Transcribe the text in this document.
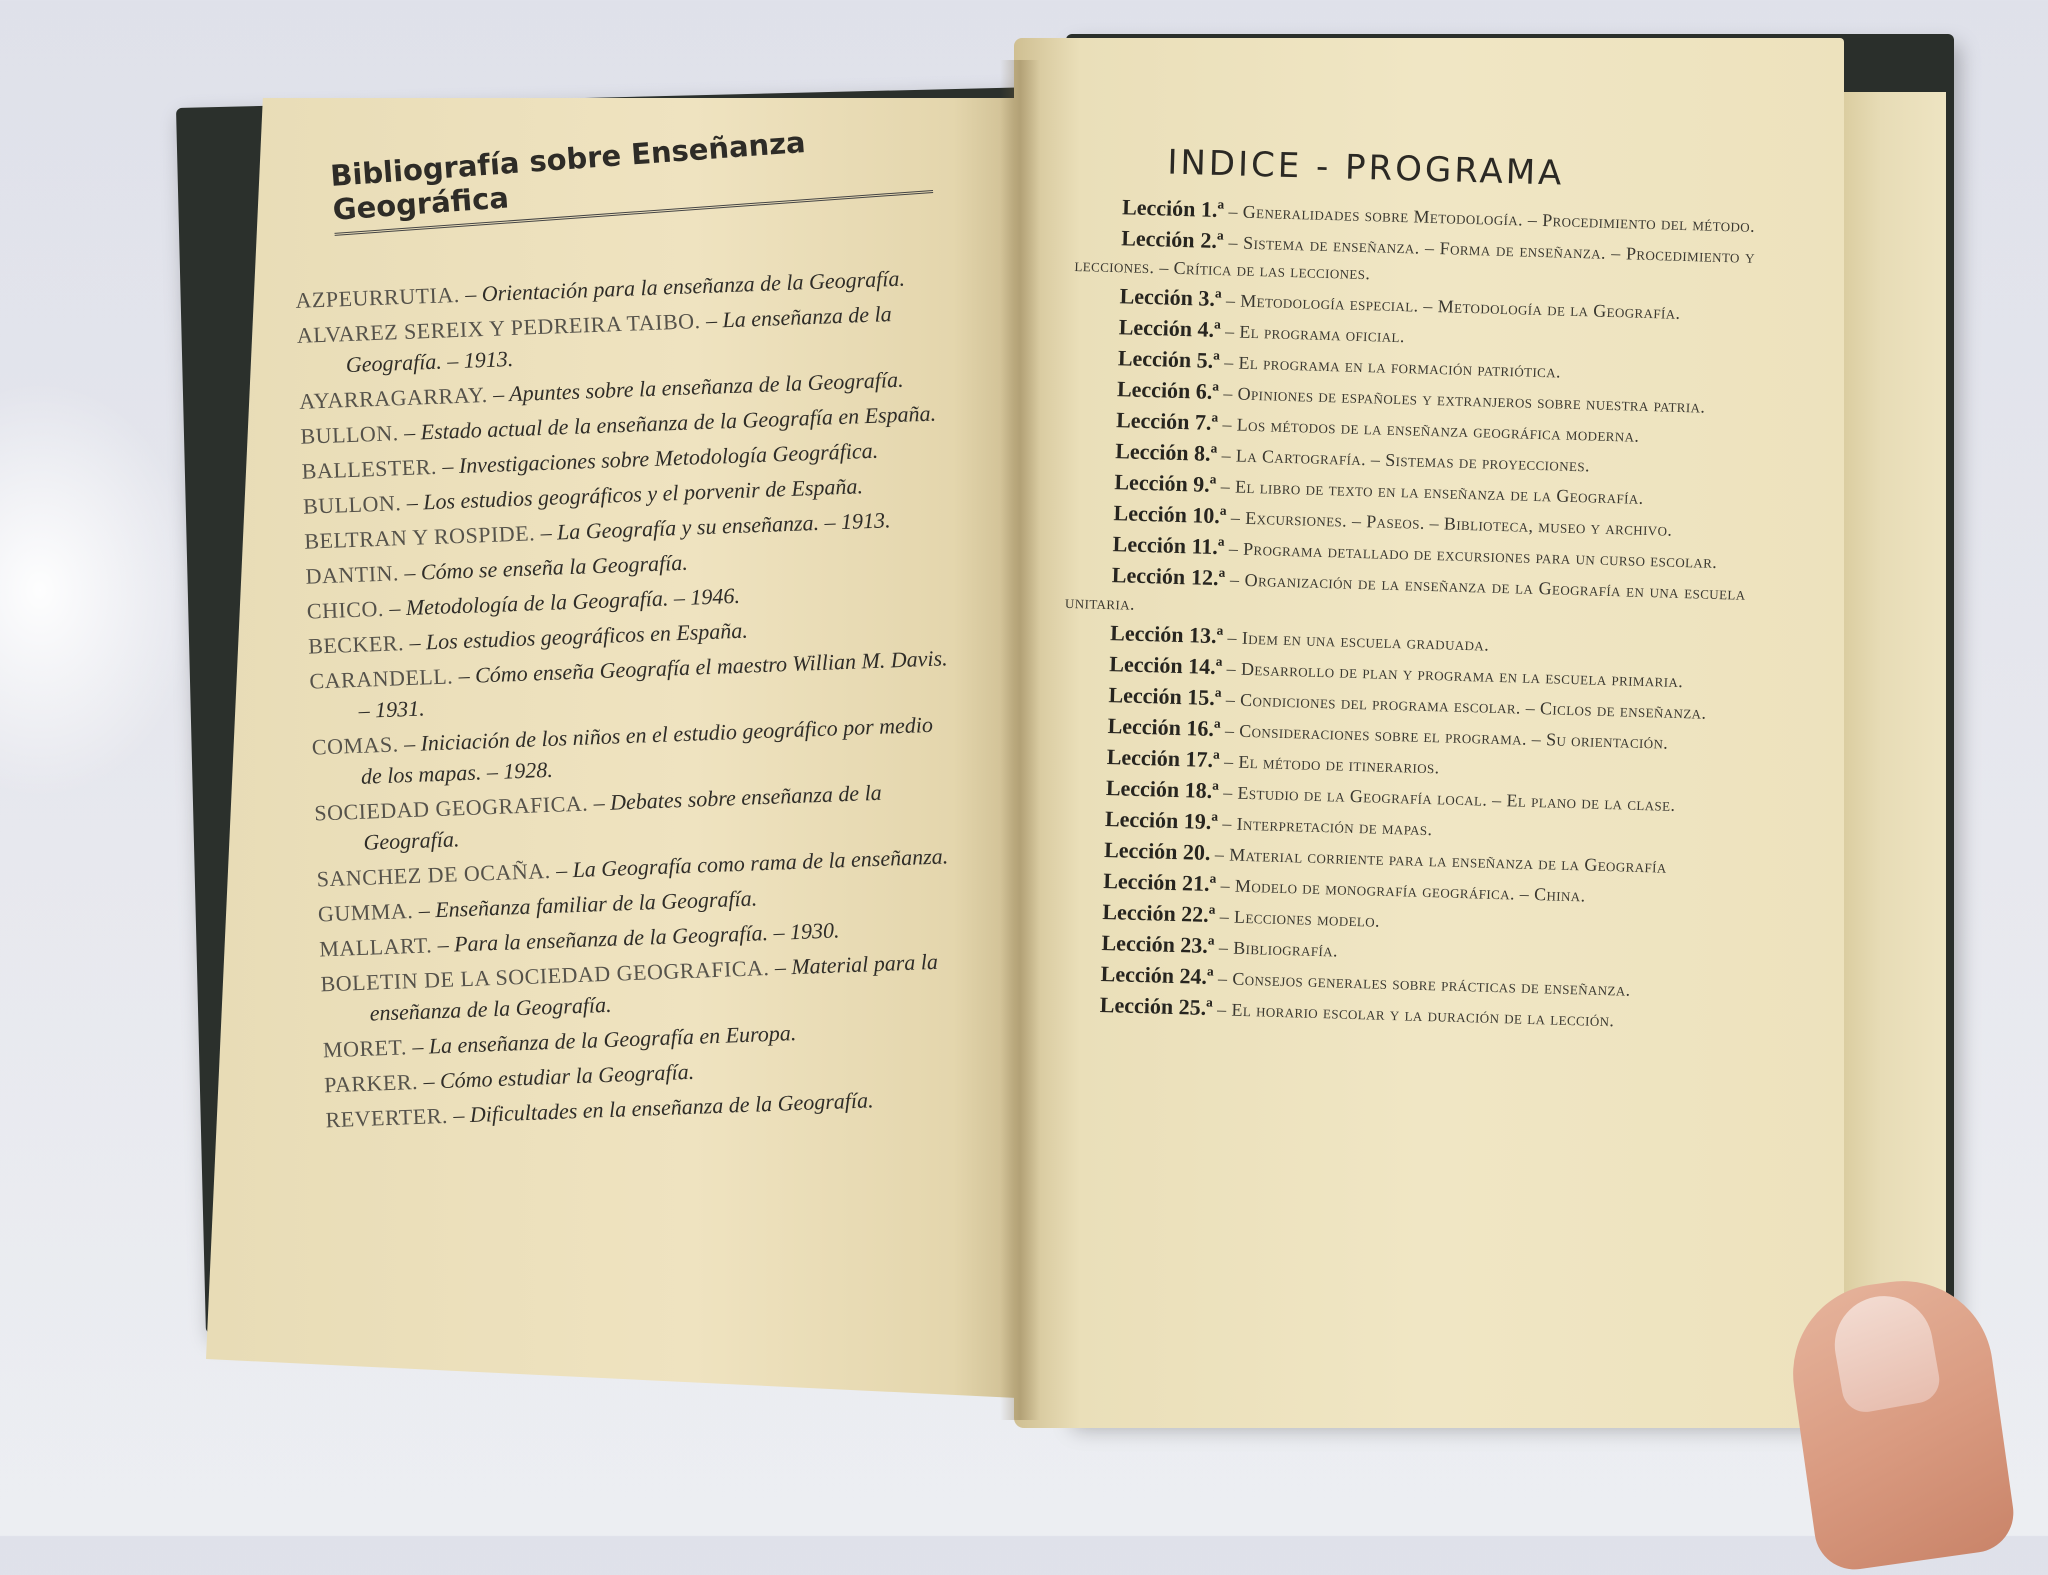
Bibliografía sobre Enseñanza Geográfica
AZPEURRUTIA. – Orientación para la enseñanza de la Geografía.
ALVAREZ SEREIX Y PEDREIRA TAIBO. – La enseñanza de la Geografía. – 1913.
AYARRAGARRAY. – Apuntes sobre la enseñanza de la Geografía.
BULLON. – Estado actual de la enseñanza de la Geografía en España.
BALLESTER. – Investigaciones sobre Metodología Geográfica.
BULLON. – Los estudios geográficos y el porvenir de España.
BELTRAN Y ROSPIDE. – La Geografía y su enseñanza. – 1913.
DANTIN. – Cómo se enseña la Geografía.
CHICO. – Metodología de la Geografía. – 1946.
BECKER. – Los estudios geográficos en España.
CARANDELL. – Cómo enseña Geografía el maestro Willian M. Davis. – 1931.
COMAS. – Iniciación de los niños en el estudio geográfico por medio de los mapas. – 1928.
SOCIEDAD GEOGRAFICA. – Debates sobre enseñanza de la Geografía.
SANCHEZ DE OCAÑA. – La Geografía como rama de la enseñanza.
GUMMA. – Enseñanza familiar de la Geografía.
MALLART. – Para la enseñanza de la Geografía. – 1930.
BOLETIN DE LA SOCIEDAD GEOGRAFICA. – Material para la enseñanza de la Geografía.
MORET. – La enseñanza de la Geografía en Europa.
PARKER. – Cómo estudiar la Geografía.
REVERTER. – Dificultades en la enseñanza de la Geografía.
INDICE - PROGRAMA
Lección 1.ª – Generalidades sobre Metodología. – Procedimiento del método.
Lección 2.ª – Sistema de enseñanza. – Forma de enseñanza. – Procedimiento y lecciones. – Crítica de las lecciones.
Lección 3.ª – Metodología especial. – Metodología de la Geografía.
Lección 4.ª – El programa oficial.
Lección 5.ª – El programa en la formación patriótica.
Lección 6.ª – Opiniones de españoles y extranjeros sobre nuestra patria.
Lección 7.ª – Los métodos de la enseñanza geográfica moderna.
Lección 8.ª – La Cartografía. – Sistemas de proyecciones.
Lección 9.ª – El libro de texto en la enseñanza de la Geografía.
Lección 10.ª – Excursiones. – Paseos. – Biblioteca, museo y archivo.
Lección 11.ª – Programa detallado de excursiones para un curso escolar.
Lección 12.ª – Organización de la enseñanza de la Geografía en una escuela unitaria.
Lección 13.ª – Idem en una escuela graduada.
Lección 14.ª – Desarrollo de plan y programa en la escuela primaria.
Lección 15.ª – Condiciones del programa escolar. – Ciclos de enseñanza.
Lección 16.ª – Consideraciones sobre el programa. – Su orientación.
Lección 17.ª – El método de itinerarios.
Lección 18.ª – Estudio de la Geografía local. – El plano de la clase.
Lección 19.ª – Interpretación de mapas.
Lección 20. – Material corriente para la enseñanza de la Geografía
Lección 21.ª – Modelo de monografía geográfica. – China.
Lección 22.ª – Lecciones modelo.
Lección 23.ª – Bibliografía.
Lección 24.ª – Consejos generales sobre prácticas de enseñanza.
Lección 25.ª – El horario escolar y la duración de la lección.
